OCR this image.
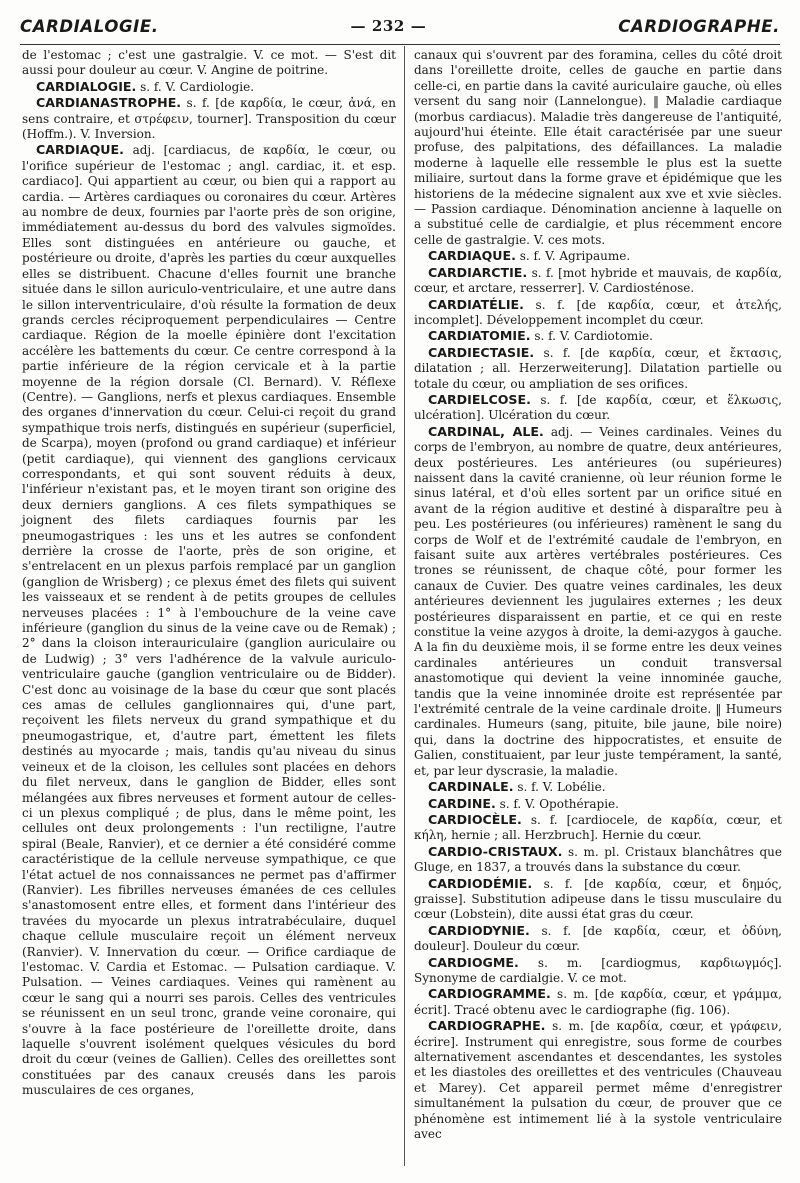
CARDIALOGIE.	— 232 —	CARDIOGRAPHE.

de l'estomac ; c'est une gastralgie. V. ce mot. — S'est dit aussi pour douleur au cœur. V. Angine de poitrine.

CARDIALOGIE. s. f. V. Cardiologie.

CARDIANASTROPHE. s. f. [de καρδία, le cœur, ἀνά, en sens contraire, et στρέφειν, tourner]. Transposition du cœur (Hoffm.). V. Inversion.

CARDIAQUE. adj. [cardiacus, de καρδία, le cœur, ou l'orifice supérieur de l'estomac ; angl. cardiac, it. et esp. cardiaco]. Qui appartient au cœur, ou bien qui a rapport au cardia. — Artères cardiaques ou coronaires du cœur. Artères au nombre de deux, fournies par l'aorte près de son origine, immédiatement au-dessus du bord des valvules sigmoïdes. Elles sont distinguées en antérieure ou gauche, et postérieure ou droite, d'après les parties du cœur auxquelles elles se distribuent. Chacune d'elles fournit une branche située dans le sillon auriculo-ventriculaire, et une autre dans le sillon interventriculaire, d'où résulte la formation de deux grands cercles réciproquement perpendiculaires — Centre cardiaque. Région de la moelle épinière dont l'excitation accélère les battements du cœur. Ce centre correspond à la partie inférieure de la région cervicale et à la partie moyenne de la région dorsale (Cl. Bernard). V. Réflexe (Centre). — Ganglions, nerfs et plexus cardiaques. Ensemble des organes d'innervation du cœur. Celui-ci reçoit du grand sympathique trois nerfs, distingués en supérieur (superficiel, de Scarpa), moyen (profond ou grand cardiaque) et inférieur (petit cardiaque), qui viennent des ganglions cervicaux correspondants, et qui sont souvent réduits à deux, l'inférieur n'existant pas, et le moyen tirant son origine des deux derniers ganglions. A ces filets sympathiques se joignent des filets cardiaques fournis par les pneumogastriques : les uns et les autres se confondent derrière la crosse de l'aorte, près de son origine, et s'entrelacent en un plexus parfois remplacé par un ganglion (ganglion de Wrisberg) ; ce plexus émet des filets qui suivent les vaisseaux et se rendent à de petits groupes de cellules nerveuses placées : 1° à l'embouchure de la veine cave inférieure (ganglion du sinus de la veine cave ou de Remak) ; 2° dans la cloison interauriculaire (ganglion auriculaire ou de Ludwig) ; 3° vers l'adhérence de la valvule auriculo-ventriculaire gauche (ganglion ventriculaire ou de Bidder). C'est donc au voisinage de la base du cœur que sont placés ces amas de cellules ganglionnaires qui, d'une part, reçoivent les filets nerveux du grand sympathique et du pneumogastrique, et, d'autre part, émettent les filets destinés au myocarde ; mais, tandis qu'au niveau du sinus veineux et de la cloison, les cellules sont placées en dehors du filet nerveux, dans le ganglion de Bidder, elles sont mélangées aux fibres nerveuses et forment autour de celles-ci un plexus compliqué ; de plus, dans le même point, les cellules ont deux prolongements : l'un rectiligne, l'autre spiral (Beale, Ranvier), et ce dernier a été considéré comme caractéristique de la cellule nerveuse sympathique, ce que l'état actuel de nos connaissances ne permet pas d'affirmer (Ranvier). Les fibrilles nerveuses émanées de ces cellules s'anastomosent entre elles, et forment dans l'intérieur des travées du myocarde un plexus intratrabéculaire, duquel chaque cellule musculaire reçoit un élément nerveux (Ranvier). V. Innervation du cœur. — Orifice cardiaque de l'estomac. V. Cardia et Estomac. — Pulsation cardiaque. V. Pulsation. — Veines cardiaques. Veines qui ramènent au cœur le sang qui a nourri ses parois. Celles des ventricules se réunissent en un seul tronc, grande veine coronaire, qui s'ouvre à la face postérieure de l'oreillette droite, dans laquelle s'ouvrent isolément quelques vésicules du bord droit du cœur (veines de Gallien). Celles des oreillettes sont constituées par des canaux creusés dans les parois musculaires de ces organes,

canaux qui s'ouvrent par des foramina, celles du côté droit dans l'oreillette droite, celles de gauche en partie dans celle-ci, en partie dans la cavité auriculaire gauche, où elles versent du sang noir (Lannelongue). ‖ Maladie cardiaque (morbus cardiacus). Maladie très dangereuse de l'antiquité, aujourd'hui éteinte. Elle était caractérisée par une sueur profuse, des palpitations, des défaillances. La maladie moderne à laquelle elle ressemble le plus est la suette miliaire, surtout dans la forme grave et épidémique que les historiens de la médecine signalent aux xve et xvie siècles. — Passion cardiaque. Dénomination ancienne à laquelle on a substitué celle de cardialgie, et plus récemment encore celle de gastralgie. V. ces mots.

CARDIAQUE. s. f. V. Agripaume.

CARDIARCTIE. s. f. [mot hybride et mauvais, de καρδία, cœur, et arctare, resserrer]. V. Cardiosténose.

CARDIATÉLIE. s. f. [de καρδία, cœur, et ἀτελής, incomplet]. Développement incomplet du cœur.

CARDIATOMIE. s. f. V. Cardiotomie.

CARDIECTASIE. s. f. [de καρδία, cœur, et ἔκτασις, dilatation ; all. Herzerweiterung]. Dilatation partielle ou totale du cœur, ou ampliation de ses orifices.

CARDIELCOSE. s. f. [de καρδία, cœur, et ἕλκωσις, ulcération]. Ulcération du cœur.

CARDINAL, ALE. adj. — Veines cardinales. Veines du corps de l'embryon, au nombre de quatre, deux antérieures, deux postérieures. Les antérieures (ou supérieures) naissent dans la cavité cranienne, où leur réunion forme le sinus latéral, et d'où elles sortent par un orifice situé en avant de la région auditive et destiné à disparaître peu à peu. Les postérieures (ou inférieures) ramènent le sang du corps de Wolf et de l'extrémité caudale de l'embryon, en faisant suite aux artères vertébrales postérieures. Ces trones se réunissent, de chaque côté, pour former les canaux de Cuvier. Des quatre veines cardinales, les deux antérieures deviennent les jugulaires externes ; les deux postérieures disparaissent en partie, et ce qui en reste constitue la veine azygos à droite, la demi-azygos à gauche. A la fin du deuxième mois, il se forme entre les deux veines cardinales antérieures un conduit transversal anastomotique qui devient la veine innominée gauche, tandis que la veine innominée droite est représentée par l'extrémité centrale de la veine cardinale droite. ‖ Humeurs cardinales. Humeurs (sang, pituite, bile jaune, bile noire) qui, dans la doctrine des hippocratistes, et ensuite de Galien, constituaient, par leur juste tempérament, la santé, et, par leur dyscrasie, la maladie.

CARDINALE. s. f. V. Lobélie.

CARDINE. s. f. V. Opothérapie.

CARDIOCÈLE. s. f. [cardiocele, de καρδία, cœur, et κήλη, hernie ; all. Herzbruch]. Hernie du cœur.

CARDIO-CRISTAUX. s. m. pl. Cristaux blanchâtres que Gluge, en 1837, a trouvés dans la substance du cœur.

CARDIODÉMIE. s. f. [de καρδία, cœur, et δημός, graisse]. Substitution adipeuse dans le tissu musculaire du cœur (Lobstein), dite aussi état gras du cœur.

CARDIODYNIE. s. f. [de καρδία, cœur, et ὀδύνη, douleur]. Douleur du cœur.

CARDIOGME. s. m. [cardiogmus, καρδιωγμός]. Synonyme de cardialgie. V. ce mot.

CARDIOGRAMME. s. m. [de καρδία, cœur, et γράμμα, écrit]. Tracé obtenu avec le cardiographe (fig. 106).

CARDIOGRAPHE. s. m. [de καρδία, cœur, et γράφειν, écrire]. Instrument qui enregistre, sous forme de courbes alternativement ascendantes et descendantes, les systoles et les diastoles des oreillettes et des ventricules (Chauveau et Marey). Cet appareil permet même d'enregistrer simultanément la pulsation du cœur, de prouver que ce phénomène est intimement lié à la systole ventriculaire avec
